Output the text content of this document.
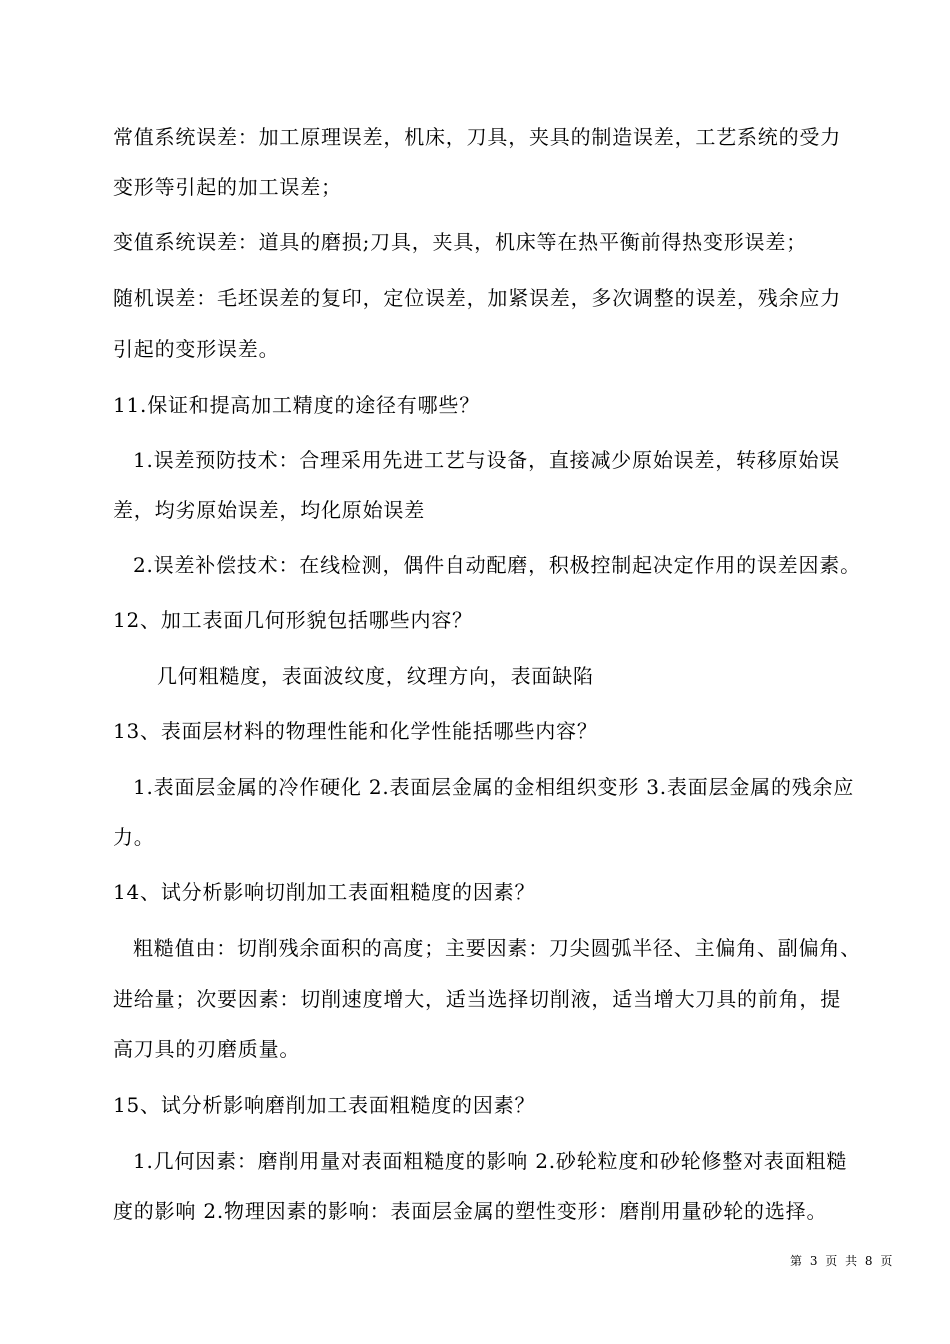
常值系统误差：加工原理误差，机床，刀具，夹具的制造误差，工艺系统的受力
变形等引起的加工误差；
变值系统误差：道具的磨损;刀具，夹具，机床等在热平衡前得热变形误差；
随机误差：毛坯误差的复印，定位误差，加紧误差，多次调整的误差，残余应力
引起的变形误差。
11.保证和提高加工精度的途径有哪些？
1.误差预防技术：合理采用先进工艺与设备，直接减少原始误差，转移原始误
差，均劣原始误差，均化原始误差
2.误差补偿技术：在线检测，偶件自动配磨，积极控制起决定作用的误差因素。
12、加工表面几何形貌包括哪些内容？
几何粗糙度，表面波纹度，纹理方向，表面缺陷
13、表面层材料的物理性能和化学性能括哪些内容？
1.表面层金属的冷作硬化 2.表面层金属的金相组织变形 3.表面层金属的残余应
力。
14、试分析影响切削加工表面粗糙度的因素？
粗糙值由：切削残余面积的高度；主要因素：刀尖圆弧半径、主偏角、副偏角、
进给量；次要因素：切削速度增大，适当选择切削液，适当增大刀具的前角，提
高刀具的刃磨质量。
15、试分析影响磨削加工表面粗糙度的因素？
1.几何因素：磨削用量对表面粗糙度的影响 2.砂轮粒度和砂轮修整对表面粗糙
度的影响 2.物理因素的影响：表面层金属的塑性变形：磨削用量砂轮的选择。
第 3 页 共 8 页
